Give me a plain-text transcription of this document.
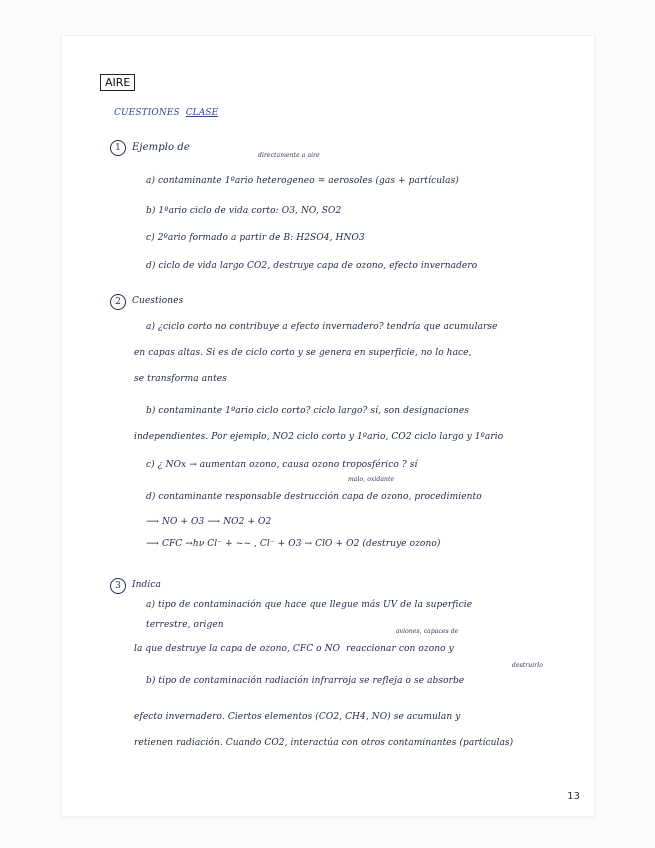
AIRE
CUESTIONES CLASE
1	Ejemplo de
directamente a aire
a) contaminante 1ºario heterogeneo = aerosoles (gas + partículas)
b) 1ºario ciclo de vida corto: O3, NO, SO2
c) 2ºario formado a partir de B: H2SO4, HNO3
d) ciclo de vida largo CO2, destruye capa de ozono, efecto invernadero
2	Cuestiones
a) ¿ciclo corto no contribuye a efecto invernadero? tendría que acumularse
en capas altas. Si es de ciclo corto y se genera en superficie, no lo hace,
se transforma antes
b) contaminante 1ºario ciclo corto? ciclo largo? sí, son designaciones
independientes. Por ejemplo, NO2 ciclo corto y 1ºario, CO2 ciclo largo y 1ºario
c) ¿ NOx → aumentan ozono, causa ozono troposférico ? sí
malo, oxidante
d) contaminante responsable destrucción capa de ozono, procedimiento
⟶ NO + O3 ⟶ NO2 + O2
⟶ CFC →hν Cl⁻ + ~~ , Cl⁻ + O3 → ClO + O2 (destruye ozono)
3	Indica
a) tipo de contaminación que hace que llegue más UV de la superficie
terrestre, origen
aviones, capaces de
la que destruye la capa de ozono, CFC o NO reaccionar con ozono y
destruirlo
b) tipo de contaminación radiación infrarroja se refleja o se absorbe
efecto invernadero. Ciertos elementos (CO2, CH4, NO) se acumulan y
retienen radiación. Cuando CO2, interactúa con otros contaminantes (partículas)
13
